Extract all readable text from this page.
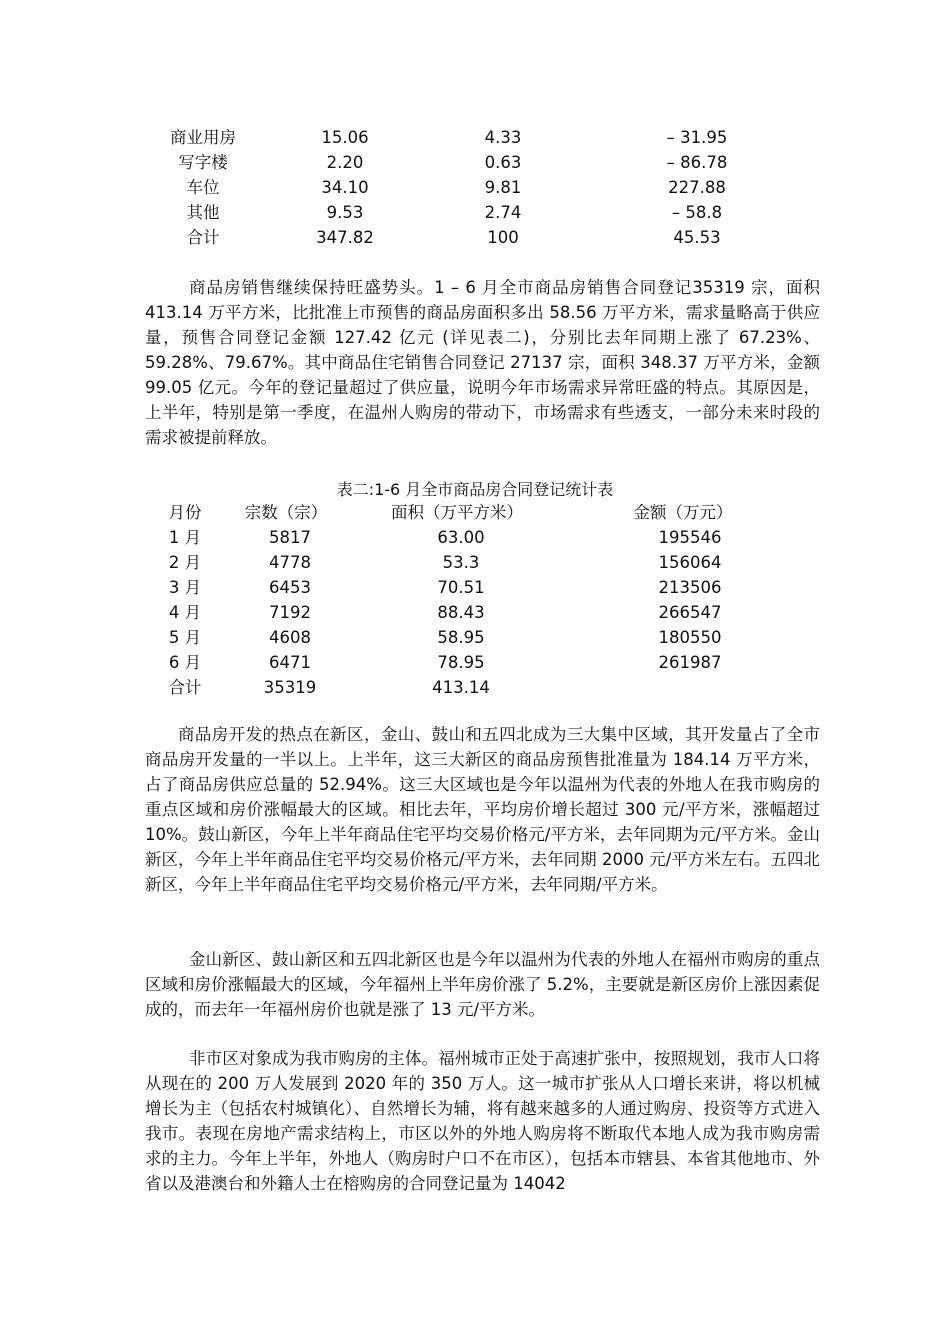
商业用房	15.06	4.33	– 31.95
写字楼	2.20	0.63	– 86.78
车位	34.10	9.81	227.88
其他	9.53	2.74	– 58.8
合计	347.82	100	45.53

商品房销售继续保持旺盛势头。1 – 6 月全市商品房销售合同登记35319 宗，面积 413.14 万平方米，比批准上市预售的商品房面积多出 58.56 万平方米，需求量略高于供应量，预售合同登记金额 127.42 亿元 (详见表二)，分别比去年同期上涨了 67.23%、59.28%、79.67%。其中商品住宅销售合同登记 27137 宗，面积 348.37 万平方米，金额 99.05 亿元。今年的登记量超过了供应量，说明今年市场需求异常旺盛的特点。其原因是，上半年，特别是第一季度，在温州人购房的带动下，市场需求有些透支，一部分未来时段的需求被提前释放。

表二:1-6 月全市商品房合同登记统计表
月份	宗数（宗）	面积（万平方米）	金额（万元）
1 月	5817	63.00	195546
2 月	4778	53.3	156064
3 月	6453	70.51	213506
4 月	7192	88.43	266547
5 月	4608	58.95	180550
6 月	6471	78.95	261987
合计	35319	413.14

商品房开发的热点在新区，金山、鼓山和五四北成为三大集中区域，其开发量占了全市商品房开发量的一半以上。上半年，这三大新区的商品房预售批准量为 184.14 万平方米，占了商品房供应总量的 52.94%。这三大区域也是今年以温州为代表的外地人在我市购房的重点区域和房价涨幅最大的区域。相比去年，平均房价增长超过 300 元/平方米，涨幅超过 10%。鼓山新区，今年上半年商品住宅平均交易价格元/平方米，去年同期为元/平方米。金山新区，今年上半年商品住宅平均交易价格元/平方米，去年同期 2000 元/平方米左右。五四北新区，今年上半年商品住宅平均交易价格元/平方米，去年同期/平方米。

金山新区、鼓山新区和五四北新区也是今年以温州为代表的外地人在福州市购房的重点区域和房价涨幅最大的区域，今年福州上半年房价涨了 5.2%，主要就是新区房价上涨因素促成的，而去年一年福州房价也就是涨了 13 元/平方米。

非市区对象成为我市购房的主体。福州城市正处于高速扩张中，按照规划，我市人口将从现在的 200 万人发展到 2020 年的 350 万人。这一城市扩张从人口增长来讲，将以机械增长为主（包括农村城镇化）、自然增长为辅，将有越来越多的人通过购房、投资等方式进入我市。表现在房地产需求结构上，市区以外的外地人购房将不断取代本地人成为我市购房需求的主力。今年上半年，外地人（购房时户口不在市区），包括本市辖县、本省其他地市、外省以及港澳台和外籍人士在榕购房的合同登记量为 14042
